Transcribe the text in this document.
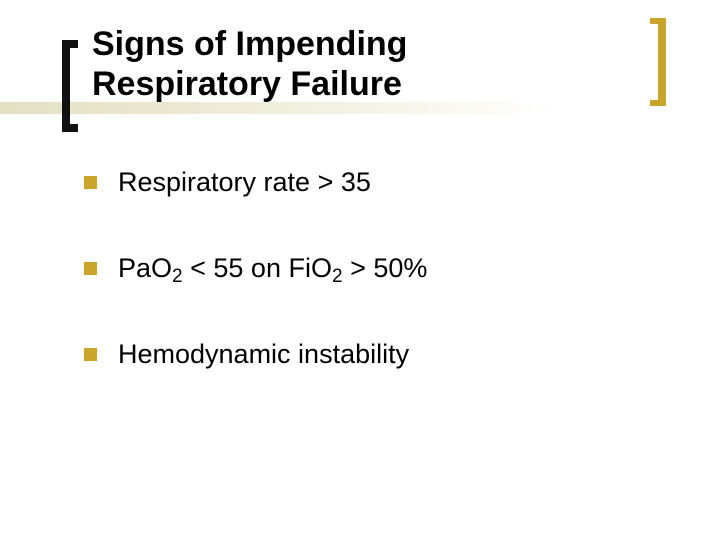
Signs of Impending
Respiratory Failure
Respiratory rate > 35
PaO$_2$ < 55 on FiO$_2$ > 50%
Hemodynamic instability
